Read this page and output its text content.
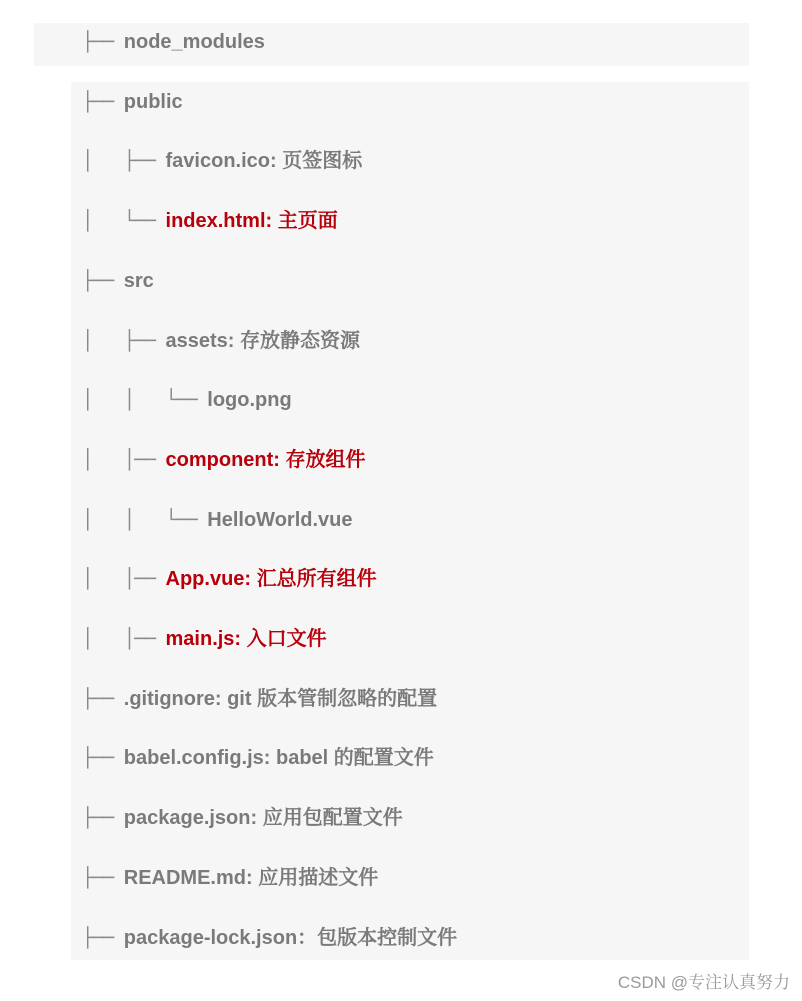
├── node_modules
├── public
│   ├── favicon.ico: 页签图标
│   └── index.html: 主页面
├── src
│   ├── assets: 存放静态资源
│   │   └── logo.png
│   │── component: 存放组件
│   │   └── HelloWorld.vue
│   │── App.vue: 汇总所有组件
│   │── main.js: 入口文件
├── .gitignore: git 版本管制忽略的配置
├── babel.config.js: babel 的配置文件
├── package.json: 应用包配置文件
├── README.md: 应用描述文件
├── package-lock.json：包版本控制文件
CSDN @专注认真努力
